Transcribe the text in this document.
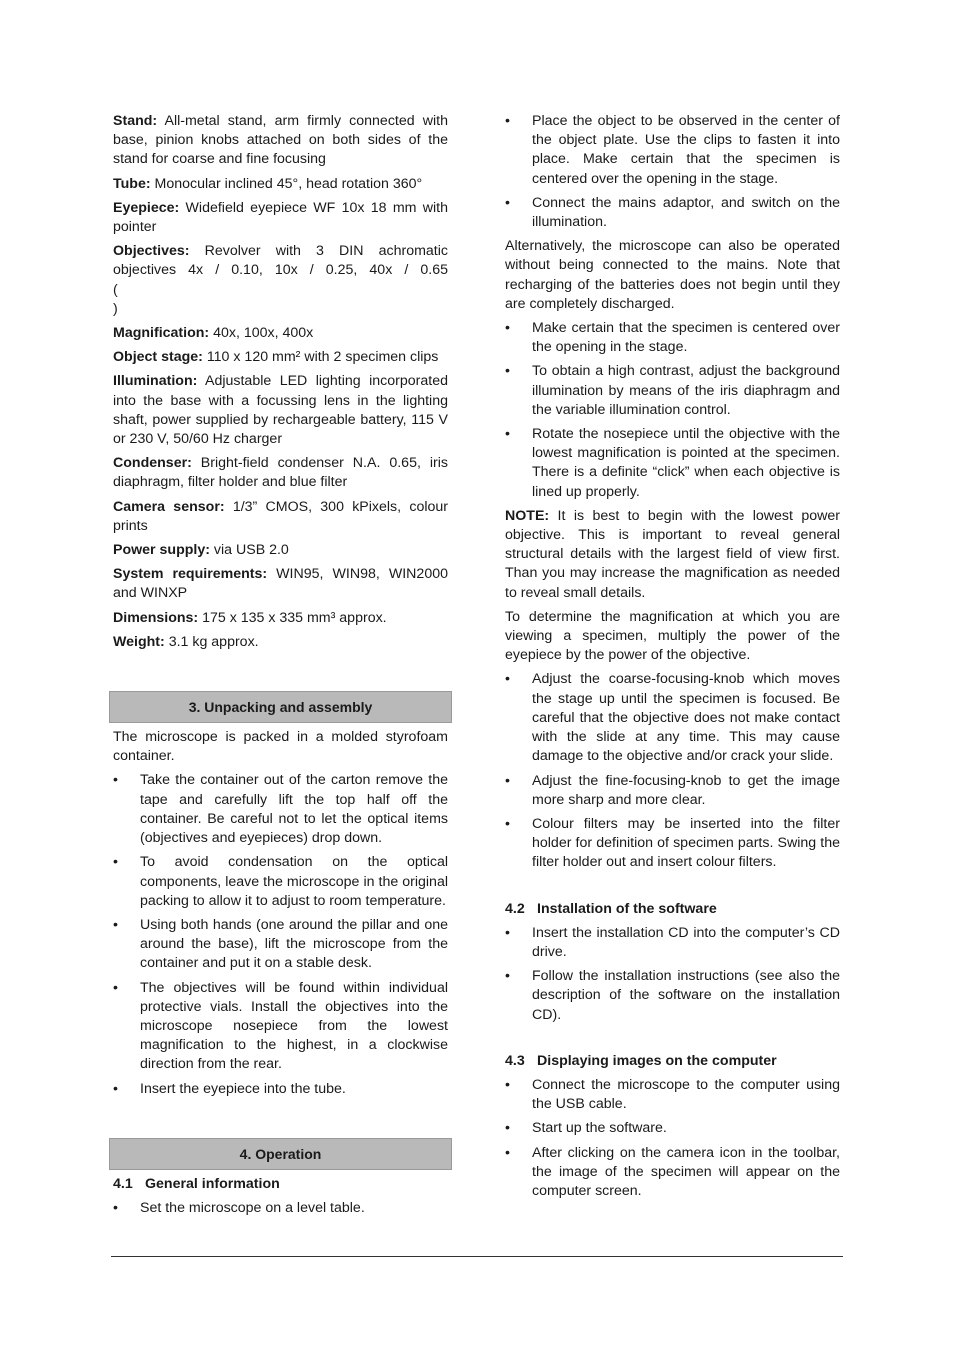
Stand: All-metal stand, arm firmly connected with base, pinion knobs attached on both sides of the stand for coarse and fine focusing

Tube: Monocular inclined 45°, head rotation 360°

Eyepiece: Widefield eyepiece WF 10x 18 mm with pointer

Objectives: Revolver with 3 DIN achromatic objectives 4x / 0.10, 10x / 0.25, 40x / 0.65 (                                                                                       )

Magnification: 40x, 100x, 400x

Object stage: 110 x 120 mm² with 2 specimen clips

Illumination: Adjustable LED lighting incorporated into the base with a focussing lens in the lighting shaft, power supplied by rechargeable battery, 115 V or 230 V, 50/60 Hz charger

Condenser: Bright-field condenser N.A. 0.65, iris diaphragm, filter holder and blue filter

Camera sensor: 1/3” CMOS, 300 kPixels, colour prints

Power supply: via USB 2.0

System requirements: WIN95, WIN98, WIN2000 and WINXP

Dimensions: 175 x 135 x 335 mm³ approx.

Weight: 3.1 kg approx.

3. Unpacking and assembly

The microscope is packed in a molded styrofoam container.

• Take the container out of the carton remove the tape and carefully lift the top half off the container. Be careful not to let the optical items (objectives and eyepieces) drop down.
• To avoid condensation on the optical components, leave the microscope in the original packing to allow it to adjust to room temperature.
• Using both hands (one around the pillar and one around the base), lift the microscope from the container and put it on a stable desk.
• The objectives will be found within individual protective vials. Install the objectives into the microscope nosepiece from the lowest magnification to the highest, in a clockwise direction from the rear.
• Insert the eyepiece into the tube.
4. Operation
4.1 General information
• Set the microscope on a level table.
• Place the object to be observed in the center of the object plate. Use the clips to fasten it into place. Make certain that the specimen is centered over the opening in the stage.
• Connect the mains adaptor, and switch on the illumination.

Alternatively, the microscope can also be operated without being connected to the mains. Note that recharging of the batteries does not begin until they are completely discharged.

• Make certain that the specimen is centered over the opening in the stage.
• To obtain a high contrast, adjust the background illumination by means of the iris diaphragm and the variable illumination control.
• Rotate the nosepiece until the objective with the lowest magnification is pointed at the specimen. There is a definite “click” when each objective is lined up properly.

NOTE: It is best to begin with the lowest power objective. This is important to reveal general structural details with the largest field of view first. Than you may increase the magnification as needed to reveal small details.

To determine the magnification at which you are viewing a specimen, multiply the power of the eyepiece by the power of the objective.

• Adjust the coarse-focusing-knob which moves the stage up until the specimen is focused. Be careful that the objective does not make contact with the slide at any time. This may cause damage to the objective and/or crack your slide.
• Adjust the fine-focusing-knob to get the image more sharp and more clear.
• Colour filters may be inserted into the filter holder for definition of specimen parts. Swing the filter holder out and insert colour filters.
4.2 Installation of the software
• Insert the installation CD into the computer’s CD drive.
• Follow the installation instructions (see also the description of the software on the installation CD).
4.3 Displaying images on the computer
• Connect the microscope to the computer using the USB cable.
• Start up the software.
• After clicking on the camera icon in the toolbar, the image of the specimen will appear on the computer screen.
